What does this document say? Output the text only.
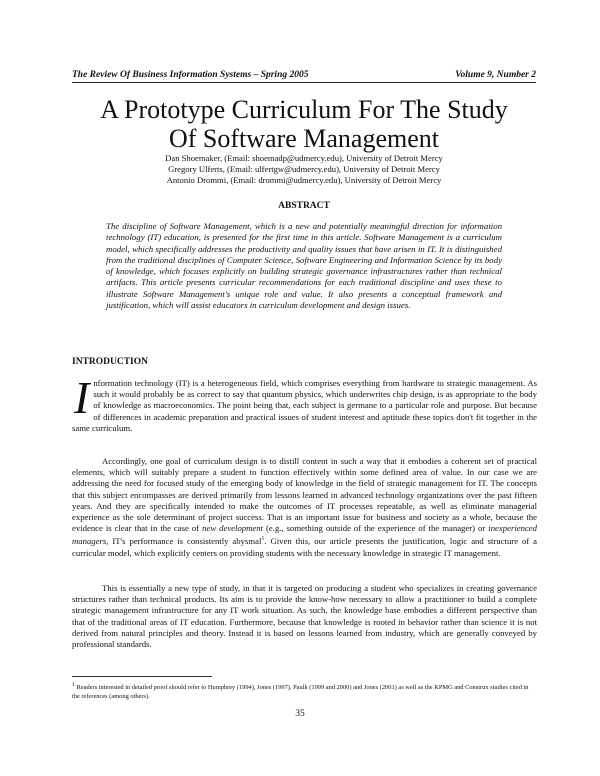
The Review Of Business Information Systems – Spring 2005	Volume 9, Number 2
A Prototype Curriculum For The Study
Of Software Management
Dan Shoemaker, (Email: shoemadp@udmercy.edu), University of Detroit Mercy
Gregory Ulferts, (Email: ulfertgw@udmercy.edu), University of Detroit Mercy
Antonio Drommi, (Email: drommi@udmercy.edu), University of Detroit Mercy
ABSTRACT
The discipline of Software Management, which is a new and potentially meaningful direction for information technology (IT) education, is presented for the first time in this article. Software Management is a curriculum model, which specifically addresses the productivity and quality issues that have arisen in IT. It is distinguished from the traditional disciplines of Computer Science, Software Engineering and Information Science by its body of knowledge, which focuses explicitly on building strategic governance infrastructures rather than technical artifacts. This article presents curricular recommendations for each traditional discipline and uses these to illustrate Software Management's unique role and value. It also presents a conceptual framework and justification, which will assist educators in curriculum development and design issues.
INTRODUCTION
Information technology (IT) is a heterogeneous field, which comprises everything from hardware to strategic management. As such it would probably be as correct to say that quantum physics, which underwrites chip design, is as appropriate to the body of knowledge as macroeconomics. The point being that, each subject is germane to a particular role and purpose. But because of differences in academic preparation and practical issues of student interest and aptitude these topics don't fit together in the same curriculum.
Accordingly, one goal of curriculum design is to distill content in such a way that it embodies a coherent set of practical elements, which will suitably prepare a student to function effectively within some defined area of value. In our case we are addressing the need for focused study of the emerging body of knowledge in the field of strategic management for IT. The concepts that this subject encompasses are derived primarily from lessons learned in advanced technology organizations over the past fifteen years. And they are specifically intended to make the outcomes of IT processes repeatable, as well as eliminate managerial experience as the sole determinant of project success. That is an important issue for business and society as a whole, because the evidence is clear that in the case of new development (e.g., something outside of the experience of the manager) or inexperienced managers, IT's performance is consistently abysmal$^1$. Given this, our article presents the justification, logic and structure of a curricular model, which explicitly centers on providing students with the necessary knowledge in strategic IT management.
This is essentially a new type of study, in that it is targeted on producing a student who specializes in creating governance structures rather than technical products. Its aim is to provide the know-how necessary to allow a practitioner to build a complete strategic management infrastructure for any IT work situation. As such, the knowledge base embodies a different perspective than that of the traditional areas of IT education. Furthermore, because that knowledge is rooted in behavior rather than science it is not derived from natural principles and theory. Instead it is based on lessons learned from industry, which are generally conveyed by professional standards.
$^1$ Readers interested in detailed proof should refer to Humphrey (1994), Jones (1997), Paulk (1999 and 2000) and Jones (2001) as well as the KPMG and Construx studies cited in the references (among others).
35
